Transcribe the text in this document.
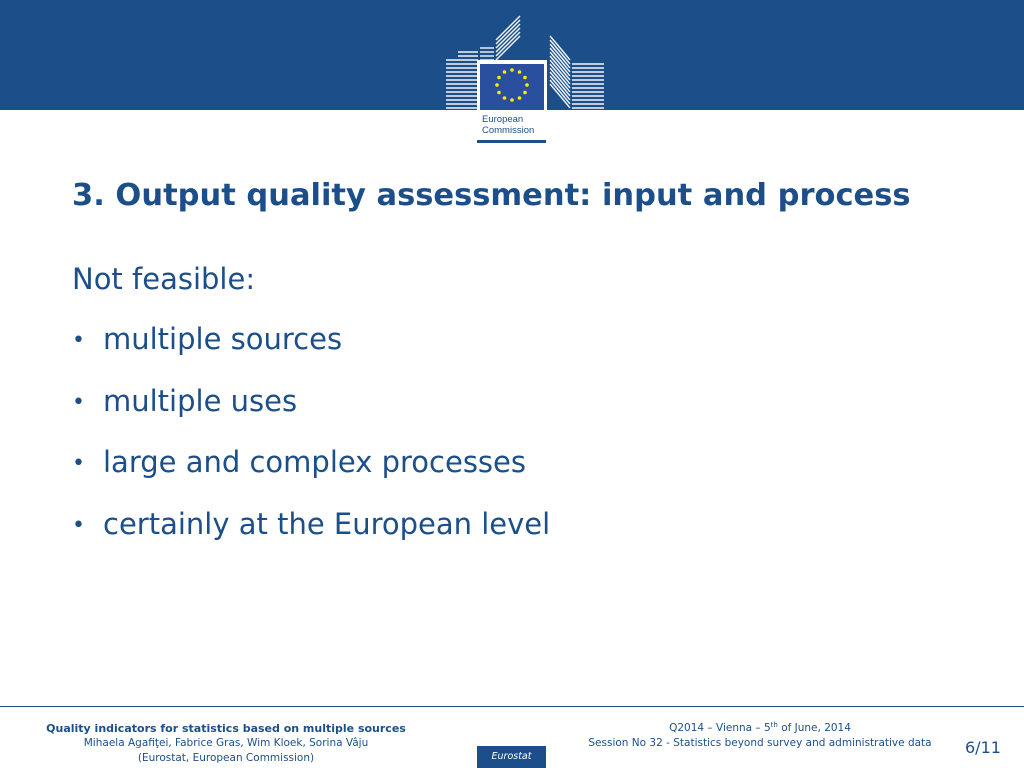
European
Commission
3. Output quality assessment: input and process
Not feasible:
• multiple sources
• multiple uses
• large and complex processes
• certainly at the European level
Quality indicators for statistics based on multiple sources
Mihaela Agafiţei, Fabrice Gras, Wim Kloek, Sorina Vâju
(Eurostat, European Commission)	Eurostat
Q2014 – Vienna – 5th of June, 2014
Session No 32 - Statistics beyond survey and administrative data	6/11
